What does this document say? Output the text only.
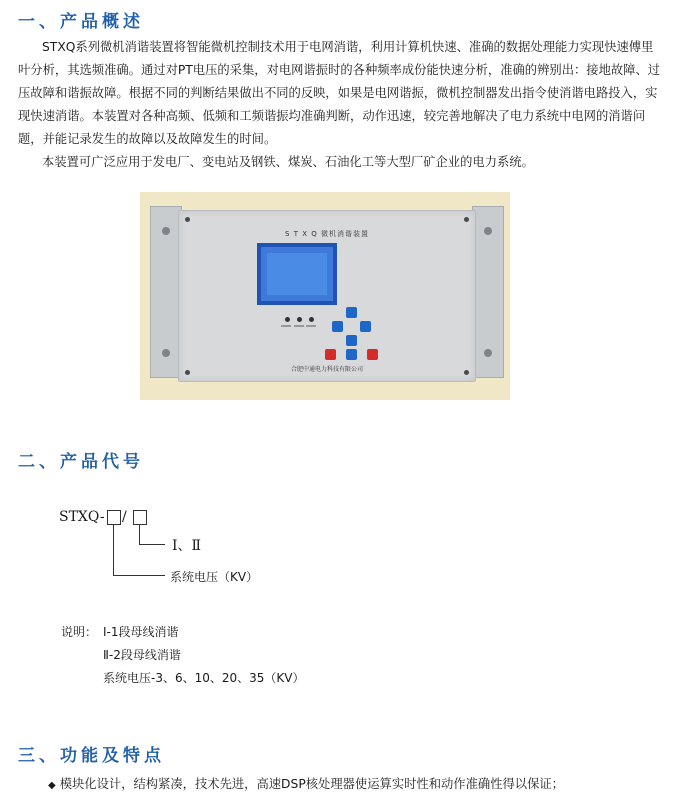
一、产品概述

STXQ系列微机消谐装置将智能微机控制技术用于电网消谐，利用计算机快速、准确的数据处理能力实现快速傅里叶分析，其选频准确。通过对PT电压的采集，对电网谐振时的各种频率成份能快速分析，准确的辨别出：接地故障、过压故障和谐振故障。根据不同的判断结果做出不同的反映，如果是电网谐振，微机控制器发出指令使消谐电路投入，实现快速消谐。本装置对各种高频、低频和工频谐振均准确判断，动作迅速，较完善地解决了电力系统中电网的消谐问题，并能记录发生的故障以及故障发生的时间。

本装置可广泛应用于发电厂、变电站及钢铁、煤炭、石油化工等大型厂矿企业的电力系统。

S T X Q 微机消谐装置
合肥中通电力科技有限公司
二、产品代号
STXQ- /
Ⅰ、Ⅱ
系统电压（KV）
说明： Ⅰ-1段母线消谐
Ⅱ-2段母线消谐
系统电压-3、6、10、20、35（KV）
三、功能及特点
◆ 模块化设计，结构紧凑，技术先进，高速DSP核处理器使运算实时性和动作准确性得以保证；
